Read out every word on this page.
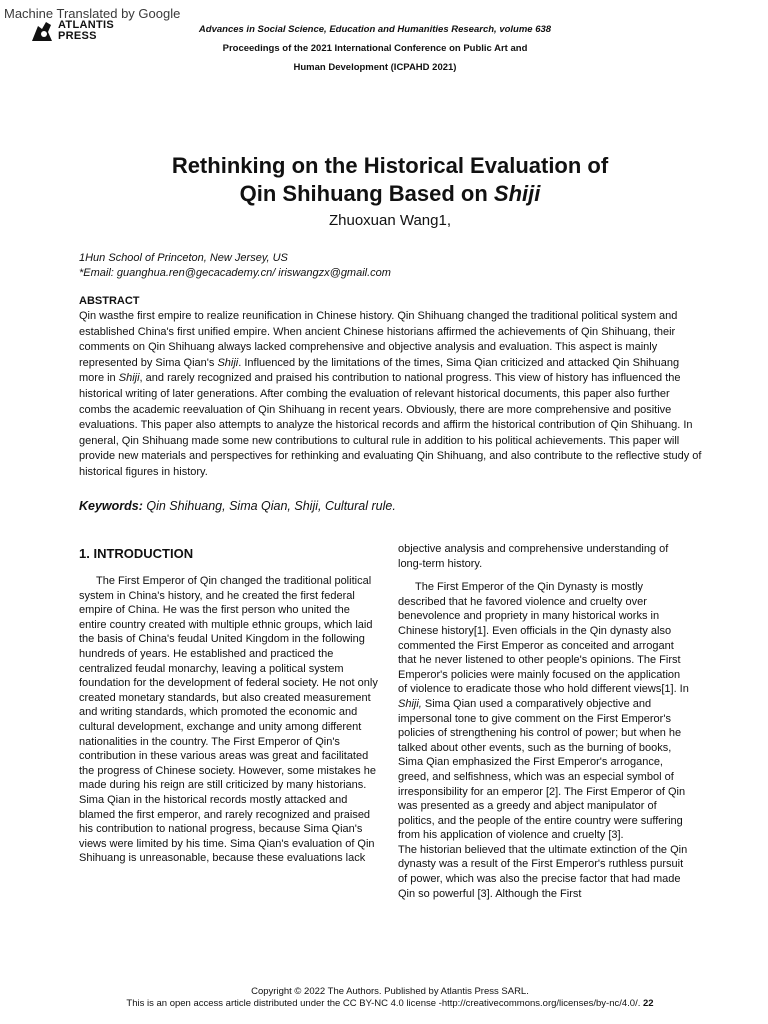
Machine Translated by Google
ATLANTIS
PRESS
Advances in Social Science, Education and Humanities Research, volume 638
Proceedings of the 2021 International Conference on Public Art and
Human Development (ICPAHD 2021)
Rethinking on the Historical Evaluation of
Qin Shihuang Based on Shiji
Zhuoxuan Wang1,
1Hun School of Princeton, New Jersey, US
*Email: guanghua.ren@gecacademy.cn/ iriswangzx@gmail.com
ABSTRACT
Qin wasthe first empire to realize reunification in Chinese history. Qin Shihuang changed the traditional political system and established China's first unified empire. When ancient Chinese historians affirmed the achievements of Qin Shihuang, their comments on Qin Shihuang always lacked comprehensive and objective analysis and evaluation. This aspect is mainly represented by Sima Qian's Shiji. Influenced by the limitations of the times, Sima Qian criticized and attacked Qin Shihuang more in Shiji, and rarely recognized and praised his contribution to national progress. This view of history has influenced the historical writing of later generations. After combing the evaluation of relevant historical documents, this paper also further combs the academic reevaluation of Qin Shihuang in recent years. Obviously, there are more comprehensive and positive evaluations. This paper also attempts to analyze the historical records and affirm the historical contribution of Qin Shihuang. In general, Qin Shihuang made some new contributions to cultural rule in addition to his political achievements. This paper will provide new materials and perspectives for rethinking and evaluating Qin Shihuang, and also contribute to the reflective study of historical figures in history.
Keywords: Qin Shihuang, Sima Qian, Shiji, Cultural rule.
1. INTRODUCTION

The First Emperor of Qin changed the traditional political system in China's history, and he created the first federal empire of China. He was the first person who united the entire country created with multiple ethnic groups, which laid the basis of China's feudal United Kingdom in the following hundreds of years. He established and practiced the centralized feudal monarchy, leaving a political system foundation for the development of federal society. He not only created monetary standards, but also created measurement and writing standards, which promoted the economic and cultural development, exchange and unity among different nationalities in the country. The First Emperor of Qin's contribution in these various areas was great and facilitated the progress of Chinese society. However, some mistakes he made during his reign are still criticized by many historians. Sima Qian in the historical records mostly attacked and blamed the first emperor, and rarely recognized and praised his contribution to national progress, because Sima Qian's views were limited by his time. Sima Qian's evaluation of Qin Shihuang is unreasonable, because these evaluations lack

objective analysis and comprehensive understanding of long-term history.

The First Emperor of the Qin Dynasty is mostly described that he favored violence and cruelty over benevolence and propriety in many historical works in Chinese history[1]. Even officials in the Qin dynasty also commented the First Emperor as conceited and arrogant that he never listened to other people's opinions. The First Emperor's policies were mainly focused on the application of violence to eradicate those who hold different views[1]. In Shiji, Sima Qian used a comparatively objective and impersonal tone to give comment on the First Emperor's policies of strengthening his control of power; but when he talked about other events, such as the burning of books, Sima Qian emphasized the First Emperor's arrogance, greed, and selfishness, which was an especial symbol of irresponsibility for an emperor [2]. The First Emperor of Qin was presented as a greedy and abject manipulator of politics, and the people of the entire country were suffering from his application of violence and cruelty [3].

The historian believed that the ultimate extinction of the Qin dynasty was a result of the First Emperor's ruthless pursuit of power, which was also the precise factor that had made Qin so powerful [3]. Although the First

Copyright © 2022 The Authors. Published by Atlantis Press SARL.
This is an open access article distributed under the CC BY-NC 4.0 license -http://creativecommons.org/licenses/by-nc/4.0/. 22
